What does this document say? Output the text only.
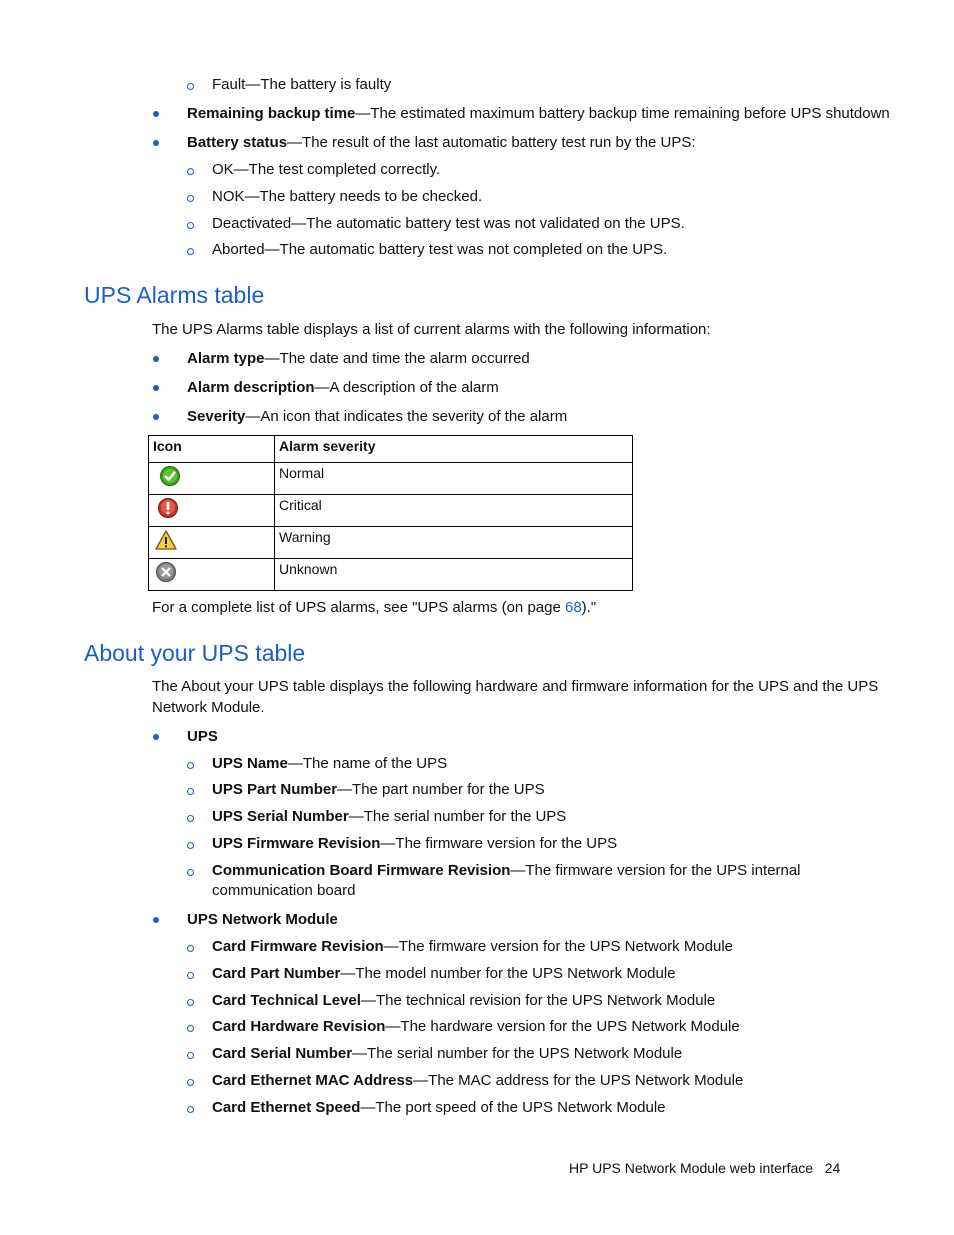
Fault—The battery is faulty
Remaining backup time—The estimated maximum battery backup time remaining before UPS shutdown
Battery status—The result of the last automatic battery test run by the UPS:
OK—The test completed correctly.
NOK—The battery needs to be checked.
Deactivated—The automatic battery test was not validated on the UPS.
Aborted—The automatic battery test was not completed on the UPS.
UPS Alarms table
The UPS Alarms table displays a list of current alarms with the following information:
Alarm type—The date and time the alarm occurred
Alarm description—A description of the alarm
Severity—An icon that indicates the severity of the alarm
Icon	Alarm severity
	Normal
	Critical
	Warning
	Unknown
For a complete list of UPS alarms, see "UPS alarms (on page 68)."
About your UPS table
The About your UPS table displays the following hardware and firmware information for the UPS and the UPS
Network Module.
UPS
UPS Name—The name of the UPS
UPS Part Number—The part number for the UPS
UPS Serial Number—The serial number for the UPS
UPS Firmware Revision—The firmware version for the UPS
Communication Board Firmware Revision—The firmware version for the UPS internal
communication board
UPS Network Module
Card Firmware Revision—The firmware version for the UPS Network Module
Card Part Number—The model number for the UPS Network Module
Card Technical Level—The technical revision for the UPS Network Module
Card Hardware Revision—The hardware version for the UPS Network Module
Card Serial Number—The serial number for the UPS Network Module
Card Ethernet MAC Address—The MAC address for the UPS Network Module
Card Ethernet Speed—The port speed of the UPS Network Module
HP UPS Network Module web interface 24
